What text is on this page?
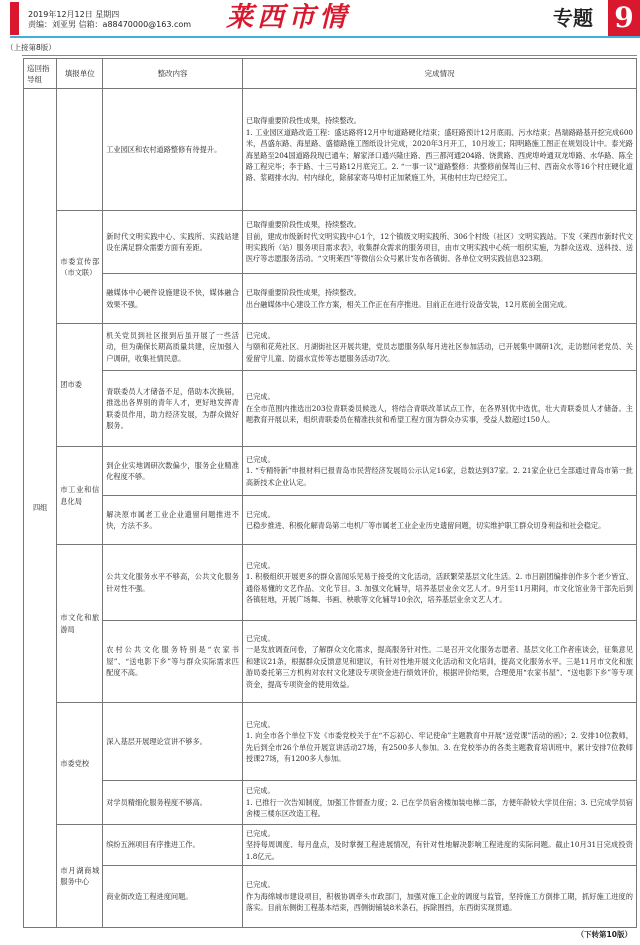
2019年12月12日 星期四
责编：刘亚男 信箱：a88470000@163.com 莱西市情	专题 9
（上接第8版）
巡回指导组	填报单位	整改内容	完成情况
四组		工业园区和农村道路整修有待提升。	已取得重要阶段性成果，持续整改。
1. 工业园区道路改造工程：盛达路将12月中旬道路硬化结束；盛旺路预计12月底雨、污水结束；昌瑞路路基开挖完成600米，昌盛东路、海星路、盛德路施工图纸设计完成，2020年3月开工，10月竣工；阳明路施工图正在规划设计中。泰光路海星路至204国道路段现已通车；解家泽口通兴隆庄路、西三都河通204路、饶黄路、西虎埠岭通双龙埠路、水华路、陈全路工程完毕；李于路、十三号路12月底完工。2. “一事一议”道路整修：共整修前保驾山三村、西南众水等16个村庄硬化道路、浆砌排水沟、村内绿化，除郝家寄马埠村正加紧施工外，其他村庄均已经完工。
	市委宣传部（市文联）	新时代文明实践中心、实践所、实践站建设在满足群众需要方面有差距。	已取得重要阶段性成果，持续整改。
目前，建成市级新时代文明实践中心1个，12个镇级文明实践所、306个村级（社区）文明实践站。下发《莱西市新时代文明实践所（站）服务项目需求表》，收集群众需求的服务项目，由市文明实践中心统一组织实施，为群众送戏、送科技、送医疗等志愿服务活动。“文明莱西”等微信公众号累计发布各镇街、各单位文明实践信息323期。
		融媒体中心硬件设施建设不快，媒体融合效果不强。	已取得重要阶段性成果，持续整改。
出台融媒体中心建设工作方案，相关工作正在有序推进。目前正在进行设备安装，12月底前全面完成。
	团市委	机关党员到社区报到后虽开展了一些活动，但为确保长期高质量共建，应加强入户调研，收集社情民意。	已完成。
与颐和花苑社区、月湖街社区开展共建，党员志愿服务队每月进社区参加活动，已开展集中调研1次，走访慰问老党员、关爱留守儿童、防溺水宣传等志愿服务活动7次。
		青联委员人才储备不足，借助本次换届，推选出各界别的青年人才，更好地发挥青联委员作用，助力经济发展，为群众做好服务。	已完成。
在全市范围内推选出203位青联委员候选人，将结合青联改革试点工作，在各界别优中选优，壮大青联委员人才储备。主题教育开展以来，组织青联委员在精准扶贫和希望工程方面为群众办实事，受益人数超过150人。
	市工业和信息化局	到企业实地调研次数偏少，服务企业精准化程度不够。	已完成。
1. “专精特新”申报材料已报青岛市民营经济发展局公示认定16家，总数达到37家。2. 21家企业已全部通过青岛市第一批高新技术企业认定。
		解决原市属老工业企业遗留问题推进不快，方法不多。	已完成。
已稳步推进、积极化解青岛第二电机厂等市属老工业企业历史遗留问题，切实维护职工群众切身利益和社会稳定。
	市文化和旅游局	公共文化服务水平不够高，公共文化服务针对性不强。	已完成。
1. 积极组织开展更多的群众喜闻乐见易于接受的文化活动，活跃繁荣基层文化生活。2. 市吕剧团编排创作多个老少皆宜、通俗易懂的文艺作品、文化节目。3. 加强文化辅导，培养基层业余文艺人才。9月至11月期间，市文化馆业务干部先后到各镇驻地，开展广场舞、书画、秧歌等文化辅导10余次，培养基层业余文艺人才。
		农村公共文化服务特别是“农家书屋”、“送电影下乡”等与群众实际需求匹配度不高。	已完成。
一是发放调查问卷，了解群众文化需求，提高服务针对性。二是召开文化服务志愿者、基层文化工作者座谈会，征集意见和建议21条，根据群众反馈意见和建议，有针对性地开展文化活动和文化培训，提高文化服务水平。三是11月市文化和旅游局委托第三方机构对农村文化建设专项资金进行绩效评价，根据评价结果，合理使用“农家书屋”、“送电影下乡”等专项资金，提高专项资金的使用效益。
	市委党校	深入基层开展理论宣讲不够多。	已完成。
1. 向全市各个单位下发《市委党校关于在“不忘初心、牢记使命”主题教育中开展“送党课”活动的函》；2. 安排10位教师，先后到全市26个单位开展宣讲活动27场，有2500多人参加。3. 在党校举办的各类主题教育培训班中，累计安排7位教师授课27场，有1200多人参加。
		对学员精细化服务程度不够高。	已完成。
1. 已推行一次告知制度，加强工作督查力度；2. 已在学员宿舍楼加装电梯二部，方便年龄较大学员住宿；3. 已完成学员宿舍楼三楼东区改造工程。
	市月湖商城服务中心	缤纷五洲项目有序推进工作。	已完成。
坚持每周调度、每月盘点，及时掌握工程进展情况，有针对性地解决影响工程进度的实际问题。截止10月31日完成投资1.8亿元。
		商业街改造工程进度问题。	已完成。
作为海绵城市建设项目，积极协调牵头市政部门，加强对施工企业的调度与监管，坚持施工方倒排工期，抓好施工进度的落实。目前东侧街工程基本结束，西侧街铺装8米条石，拆除围挡，东西街实现贯通。
（下转第10版）
